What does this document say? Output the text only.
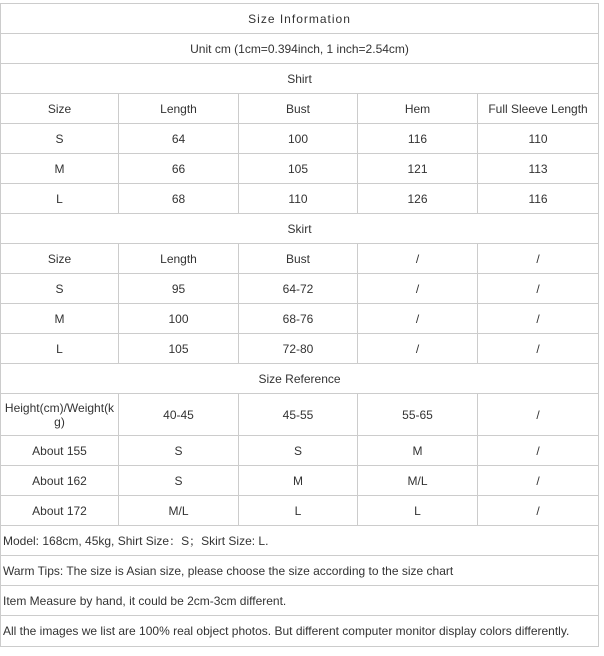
Size Information				
Unit cm (1cm=0.394inch, 1 inch=2.54cm)				
Shirt				
Size	Length	Bust	Hem	Full Sleeve Length
S	64	100	116	110
M	66	105	121	113
L	68	110	126	116
Skirt				
Size	Length	Bust	/	/
S	95	64-72	/	/
M	100	68-76	/	/
L	105	72-80	/	/
Size Reference				
Height(cm)/Weight(kg)	40-45	45-55	55-65	/
About 155	S	S	M	/
About 162	S	M	M/L	/
About 172	M/L	L	L	/
Model: 168cm, 45kg, Shirt Size：S；Skirt Size: L.				
Warm Tips: The size is Asian size, please choose the size according to the size chart				
Item Measure by hand, it could be 2cm-3cm different.				
All the images we list are 100% real object photos. But different computer monitor display colors differently.				
